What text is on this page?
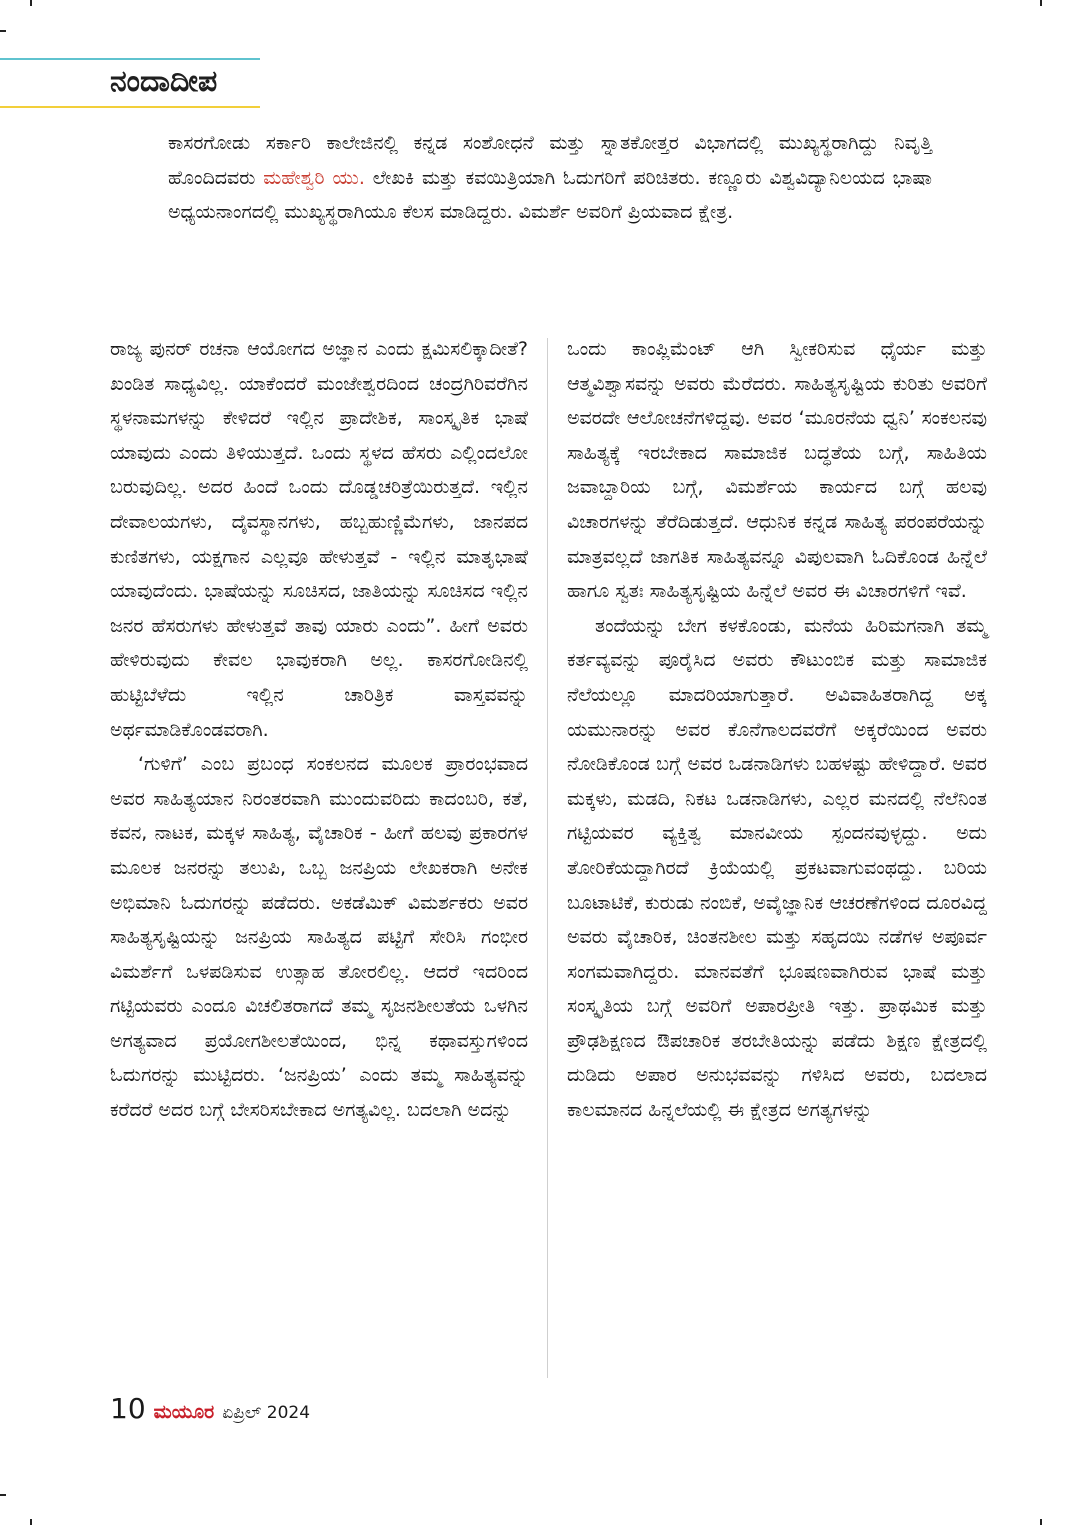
ನಂದಾದೀಪ
ಕಾಸರಗೋಡು ಸರ್ಕಾರಿ ಕಾಲೇಜಿನಲ್ಲಿ ಕನ್ನಡ ಸಂಶೋಧನೆ ಮತ್ತು ಸ್ನಾತಕೋತ್ತರ ವಿಭಾಗದಲ್ಲಿ ಮುಖ್ಯಸ್ಥರಾಗಿದ್ದು ನಿವೃತ್ತಿ ಹೊಂದಿದವರು ಮಹೇಶ್ವರಿ ಯು. ಲೇಖಕಿ ಮತ್ತು ಕವಯಿತ್ರಿಯಾಗಿ ಓದುಗರಿಗೆ ಪರಿಚಿತರು. ಕಣ್ಣೂರು ವಿಶ್ವವಿದ್ಯಾನಿಲಯದ ಭಾಷಾ ಅಧ್ಯಯನಾಂಗದಲ್ಲಿ ಮುಖ್ಯಸ್ಥರಾಗಿಯೂ ಕೆಲಸ ಮಾಡಿದ್ದರು. ವಿಮರ್ಶೆ ಅವರಿಗೆ ಪ್ರಿಯವಾದ ಕ್ಷೇತ್ರ.

ರಾಜ್ಯ ಪುನರ್ ರಚನಾ ಆಯೋಗದ ಅಜ್ಞಾನ ಎಂದು ಕ್ಷಮಿಸಲಿಕ್ಕಾದೀತೆ? ಖಂಡಿತ ಸಾಧ್ಯವಿಲ್ಲ. ಯಾಕೆಂದರೆ ಮಂಜೇಶ್ವರದಿಂದ ಚಂದ್ರಗಿರಿವರೆಗಿನ ಸ್ಥಳನಾಮಗಳನ್ನು ಕೇಳಿದರೆ ಇಲ್ಲಿನ ಪ್ರಾದೇಶಿಕ, ಸಾಂಸ್ಕೃತಿಕ ಭಾಷೆ ಯಾವುದು ಎಂದು ತಿಳಿಯುತ್ತದೆ. ಒಂದು ಸ್ಥಳದ ಹೆಸರು ಎಲ್ಲಿಂದಲೋ ಬರುವುದಿಲ್ಲ. ಅದರ ಹಿಂದೆ ಒಂದು ದೊಡ್ಡಚರಿತ್ರೆಯಿರುತ್ತದೆ. ಇಲ್ಲಿನ ದೇವಾಲಯಗಳು, ದೈವಸ್ಥಾನಗಳು, ಹಬ್ಬಹುಣ್ಣಿಮೆಗಳು, ಜಾನಪದ ಕುಣಿತಗಳು, ಯಕ್ಷಗಾನ ಎಲ್ಲವೂ ಹೇಳುತ್ತವೆ - ಇಲ್ಲಿನ ಮಾತೃಭಾಷೆ ಯಾವುದೆಂದು. ಭಾಷೆಯನ್ನು ಸೂಚಿಸದ, ಜಾತಿಯನ್ನು ಸೂಚಿಸದ ಇಲ್ಲಿನ ಜನರ ಹೆಸರುಗಳು ಹೇಳುತ್ತವೆ ತಾವು ಯಾರು ಎಂದು”. ಹೀಗೆ ಅವರು ಹೇಳಿರುವುದು ಕೇವಲ ಭಾವುಕರಾಗಿ ಅಲ್ಲ. ಕಾಸರಗೋಡಿನಲ್ಲಿ ಹುಟ್ಟಿಬೆಳೆದು ಇಲ್ಲಿನ ಚಾರಿತ್ರಿಕ ವಾಸ್ತವವನ್ನು ಅರ್ಥಮಾಡಿಕೊಂಡವರಾಗಿ.

‘ಗುಳಿಗೆ’ ಎಂಬ ಪ್ರಬಂಧ ಸಂಕಲನದ ಮೂಲಕ ಪ್ರಾರಂಭವಾದ ಅವರ ಸಾಹಿತ್ಯಯಾನ ನಿರಂತರವಾಗಿ ಮುಂದುವರಿದು ಕಾದಂಬರಿ, ಕತೆ, ಕವನ, ನಾಟಕ, ಮಕ್ಕಳ ಸಾಹಿತ್ಯ, ವೈಚಾರಿಕ - ಹೀಗೆ ಹಲವು ಪ್ರಕಾರಗಳ ಮೂಲಕ ಜನರನ್ನು ತಲುಪಿ, ಒಬ್ಬ ಜನಪ್ರಿಯ ಲೇಖಕರಾಗಿ ಅನೇಕ ಅಭಿಮಾನಿ ಓದುಗರನ್ನು ಪಡೆದರು. ಅಕಡೆಮಿಕ್ ವಿಮರ್ಶಕರು ಅವರ ಸಾಹಿತ್ಯಸೃಷ್ಟಿಯನ್ನು ಜನಪ್ರಿಯ ಸಾಹಿತ್ಯದ ಪಟ್ಟಿಗೆ ಸೇರಿಸಿ ಗಂಭೀರ ವಿಮರ್ಶೆಗೆ ಒಳಪಡಿಸುವ ಉತ್ಸಾಹ ತೋರಲಿಲ್ಲ. ಆದರೆ ಇದರಿಂದ ಗಟ್ಟಿಯವರು ಎಂದೂ ವಿಚಲಿತರಾಗದೆ ತಮ್ಮ ಸೃಜನಶೀಲತೆಯ ಒಳಗಿನ ಅಗತ್ಯವಾದ ಪ್ರಯೋಗಶೀಲತೆಯಿಂದ, ಭಿನ್ನ ಕಥಾವಸ್ತುಗಳಿಂದ ಓದುಗರನ್ನು ಮುಟ್ಟಿದರು. ‘ಜನಪ್ರಿಯ’ ಎಂದು ತಮ್ಮ ಸಾಹಿತ್ಯವನ್ನು ಕರೆದರೆ ಅದರ ಬಗ್ಗೆ ಬೇಸರಿಸಬೇಕಾದ ಅಗತ್ಯವಿಲ್ಲ. ಬದಲಾಗಿ ಅದನ್ನು

ಒಂದು ಕಾಂಪ್ಲಿಮೆಂಟ್ ಆಗಿ ಸ್ವೀಕರಿಸುವ ಧೈರ್ಯ ಮತ್ತು ಆತ್ಮವಿಶ್ವಾಸವನ್ನು ಅವರು ಮೆರೆದರು. ಸಾಹಿತ್ಯಸೃಷ್ಟಿಯ ಕುರಿತು ಅವರಿಗೆ ಅವರದೇ ಆಲೋಚನೆಗಳಿದ್ದವು. ಅವರ ‘ಮೂರನೆಯ ಧ್ವನಿ’ ಸಂಕಲನವು ಸಾಹಿತ್ಯಕ್ಕೆ ಇರಬೇಕಾದ ಸಾಮಾಜಿಕ ಬದ್ಧತೆಯ ಬಗ್ಗೆ, ಸಾಹಿತಿಯ ಜವಾಬ್ದಾರಿಯ ಬಗ್ಗೆ, ವಿಮರ್ಶೆಯ ಕಾರ್ಯದ ಬಗ್ಗೆ ಹಲವು ವಿಚಾರಗಳನ್ನು ತೆರೆದಿಡುತ್ತದೆ. ಆಧುನಿಕ ಕನ್ನಡ ಸಾಹಿತ್ಯ ಪರಂಪರೆಯನ್ನು ಮಾತ್ರವಲ್ಲದೆ ಜಾಗತಿಕ ಸಾಹಿತ್ಯವನ್ನೂ ವಿಪುಲವಾಗಿ ಓದಿಕೊಂಡ ಹಿನ್ನೆಲೆ ಹಾಗೂ ಸ್ವತಃ ಸಾಹಿತ್ಯಸೃಷ್ಟಿಯ ಹಿನ್ನೆಲೆ ಅವರ ಈ ವಿಚಾರಗಳಿಗೆ ಇವೆ.

ತಂದೆಯನ್ನು ಬೇಗ ಕಳಕೊಂಡು, ಮನೆಯ ಹಿರಿಮಗನಾಗಿ ತಮ್ಮ ಕರ್ತವ್ಯವನ್ನು ಪೂರೈಸಿದ ಅವರು ಕೌಟುಂಬಿಕ ಮತ್ತು ಸಾಮಾಜಿಕ ನೆಲೆಯಲ್ಲೂ ಮಾದರಿಯಾಗುತ್ತಾರೆ. ಅವಿವಾಹಿತರಾಗಿದ್ದ ಅಕ್ಕ ಯಮುನಾರನ್ನು ಅವರ ಕೊನೆಗಾಲದವರೆಗೆ ಅಕ್ಕರೆಯಿಂದ ಅವರು ನೋಡಿಕೊಂಡ ಬಗ್ಗೆ ಅವರ ಒಡನಾಡಿಗಳು ಬಹಳಷ್ಟು ಹೇಳಿದ್ದಾರೆ. ಅವರ ಮಕ್ಕಳು, ಮಡದಿ, ನಿಕಟ ಒಡನಾಡಿಗಳು, ಎಲ್ಲರ ಮನದಲ್ಲಿ ನೆಲೆನಿಂತ ಗಟ್ಟಿಯವರ ವ್ಯಕ್ತಿತ್ವ ಮಾನವೀಯ ಸ್ಪಂದನವುಳ್ಳದ್ದು. ಅದು ತೋರಿಕೆಯದ್ದಾಗಿರದೆ ಕ್ರಿಯೆಯಲ್ಲಿ ಪ್ರಕಟವಾಗುವಂಥದ್ದು. ಬರಿಯ ಬೂಟಾಟಿಕೆ, ಕುರುಡು ನಂಬಿಕೆ, ಅವೈಜ್ಞಾನಿಕ ಆಚರಣೆಗಳಿಂದ ದೂರವಿದ್ದ ಅವರು ವೈಚಾರಿಕ, ಚಿಂತನಶೀಲ ಮತ್ತು ಸಹೃದಯಿ ನಡೆಗಳ ಅಪೂರ್ವ ಸಂಗಮವಾಗಿದ್ದರು. ಮಾನವತೆಗೆ ಭೂಷಣವಾಗಿರುವ ಭಾಷೆ ಮತ್ತು ಸಂಸ್ಕೃತಿಯ ಬಗ್ಗೆ ಅವರಿಗೆ ಅಪಾರಪ್ರೀತಿ ಇತ್ತು. ಪ್ರಾಥಮಿಕ ಮತ್ತು ಪ್ರೌಢಶಿಕ್ಷಣದ ಔಪಚಾರಿಕ ತರಬೇತಿಯನ್ನು ಪಡೆದು ಶಿಕ್ಷಣ ಕ್ಷೇತ್ರದಲ್ಲಿ ದುಡಿದು ಅಪಾರ ಅನುಭವವನ್ನು ಗಳಿಸಿದ ಅವರು, ಬದಲಾದ ಕಾಲಮಾನದ ಹಿನ್ನಲೆಯಲ್ಲಿ ಈ ಕ್ಷೇತ್ರದ ಅಗತ್ಯಗಳನ್ನು

10 ಮಯೂರ ಏಪ್ರಿಲ್ 2024
